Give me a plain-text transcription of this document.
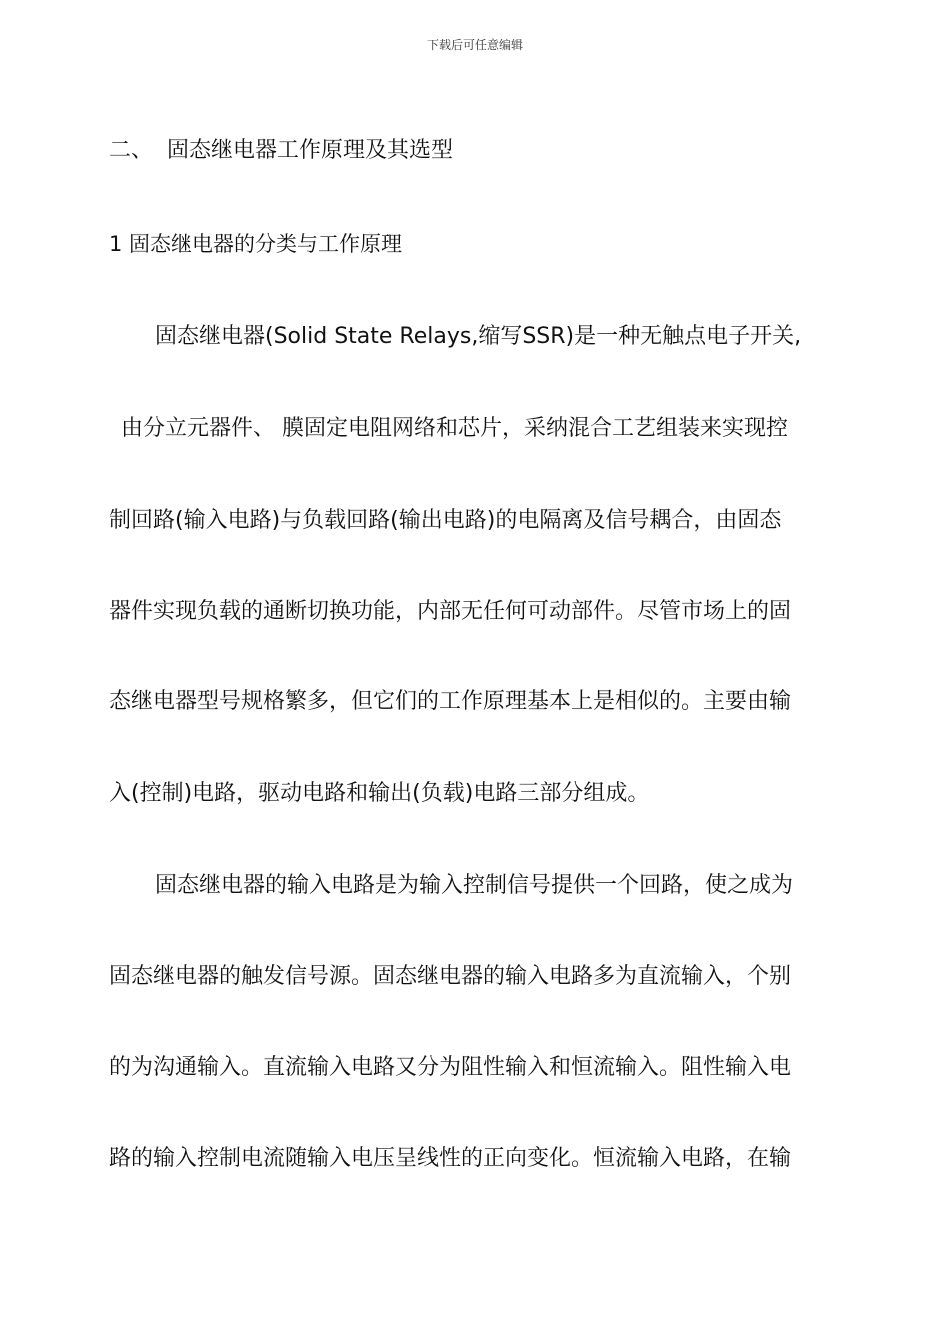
下载后可任意编辑
二、 固态继电器工作原理及其选型
1 固态继电器的分类与工作原理
固态继电器(Solid State Relays,缩写SSR)是一种无触点电子开关,
由分立元器件、 膜固定电阻网络和芯片，采纳混合工艺组装来实现控
制回路(输入电路)与负载回路(输出电路)的电隔离及信号耦合，由固态
器件实现负载的通断切换功能，内部无任何可动部件。尽管市场上的固
态继电器型号规格繁多，但它们的工作原理基本上是相似的。主要由输
入(控制)电路，驱动电路和输出(负载)电路三部分组成。
固态继电器的输入电路是为输入控制信号提供一个回路，使之成为
固态继电器的触发信号源。固态继电器的输入电路多为直流输入，个别
的为沟通输入。直流输入电路又分为阻性输入和恒流输入。阻性输入电
路的输入控制电流随输入电压呈线性的正向变化。恒流输入电路，在输
